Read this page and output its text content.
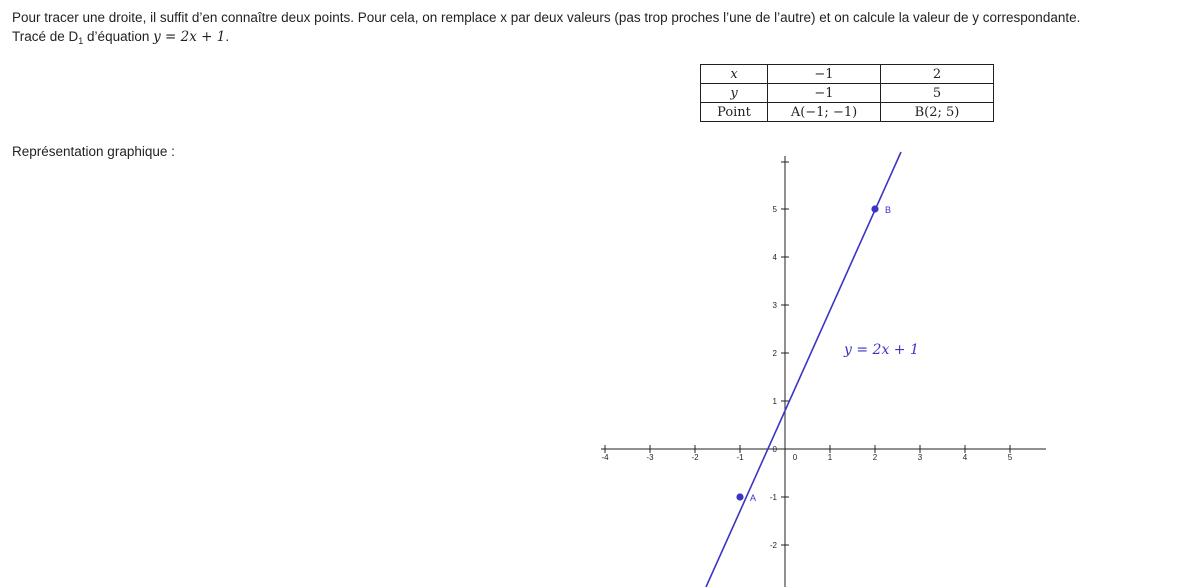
Pour tracer une droite, il suffit d’en connaître deux points. Pour cela, on remplace x par deux valeurs (pas trop proches l’une de l’autre) et on calcule la valeur de y correspondante.
Tracé de $D_1$ d’équation y = 2x + 1.
Représentation graphique :
x	−1	2
y	−1	5
Point	A(−1; −1)	B(2; 5)
-4	-3	-2	-1	0	1	2	3	4	5
-2
-1
0
1
2
3
4
5
A
B
y = 2x + 1
